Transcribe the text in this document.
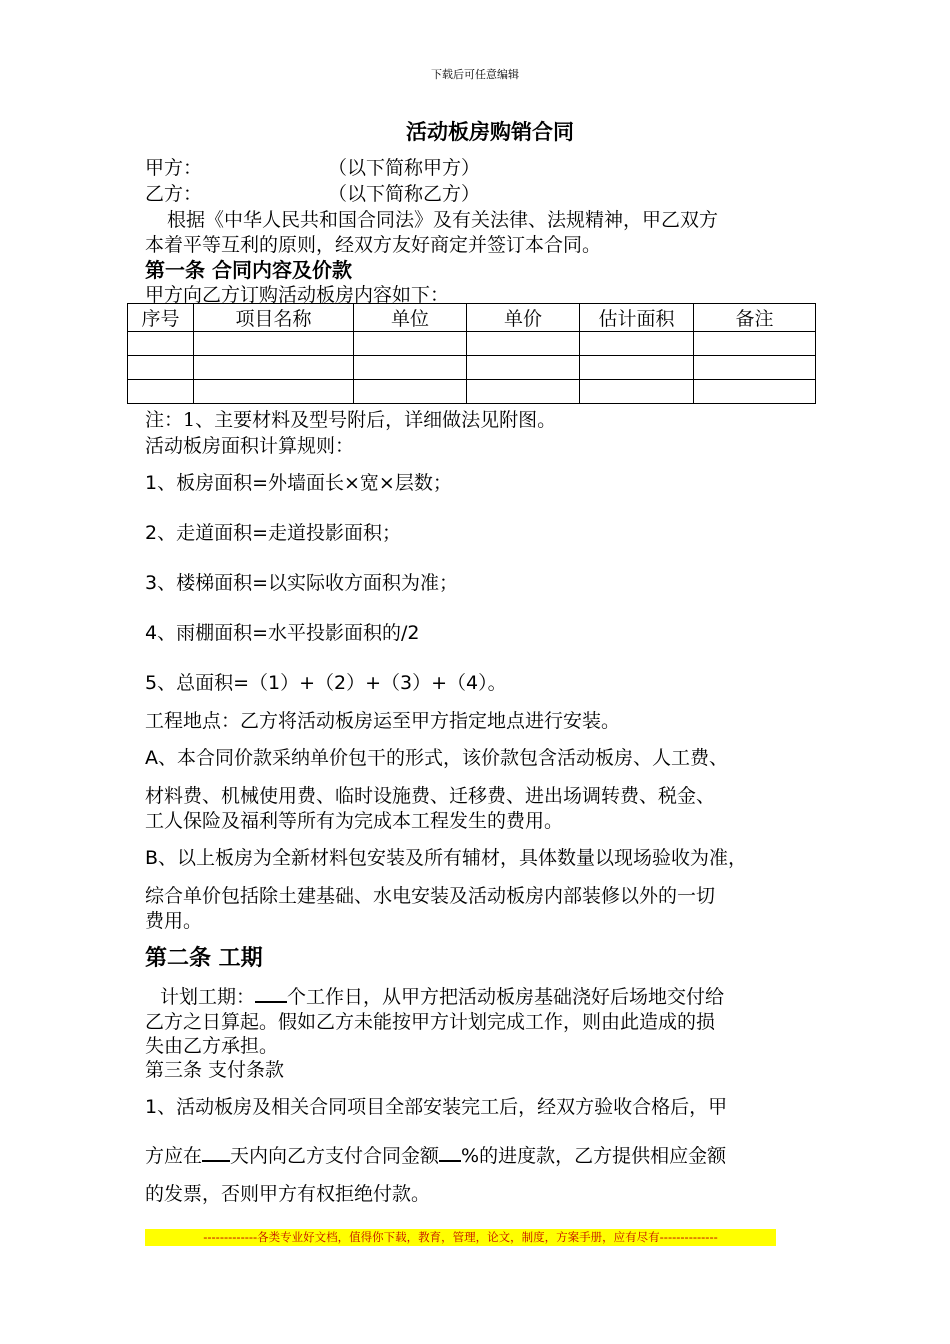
下载后可任意编辑
活动板房购销合同
甲方：	（以下简称甲方）
乙方：	（以下简称乙方）
根据《中华人民共和国合同法》及有关法律、法规精神，甲乙双方
本着平等互利的原则，经双方友好商定并签订本合同。
第一条 合同内容及价款
甲方向乙方订购活动板房内容如下：
序号	项目名称	单位	单价	估计面积	备注

注：1、主要材料及型号附后，详细做法见附图。
活动板房面积计算规则：
1、板房面积=外墙面长×宽×层数；
2、走道面积=走道投影面积；
3、楼梯面积=以实际收方面积为准；
4、雨棚面积=水平投影面积的/2
5、总面积=（1）+（2）+（3）+（4）。
工程地点：乙方将活动板房运至甲方指定地点进行安装。
A、本合同价款采纳单价包干的形式，该价款包含活动板房、人工费、
材料费、机械使用费、临时设施费、迁移费、进出场调转费、税金、
工人保险及福利等所有为完成本工程发生的费用。
B、以上板房为全新材料包安装及所有辅材，具体数量以现场验收为准，
综合单价包括除土建基础、水电安装及活动板房内部装修以外的一切
费用。
第二条 工期
计划工期： 个工作日，从甲方把活动板房基础浇好后场地交付给
乙方之日算起。假如乙方未能按甲方计划完成工作，则由此造成的损
失由乙方承担。
第三条 支付条款
1、活动板房及相关合同项目全部安装完工后，经双方验收合格后，甲
方应在 天内向乙方支付合同金额 %的进度款，乙方提供相应金额
的发票，否则甲方有权拒绝付款。
-------------各类专业好文档，值得你下载，教育，管理，论文，制度，方案手册，应有尽有--------------
